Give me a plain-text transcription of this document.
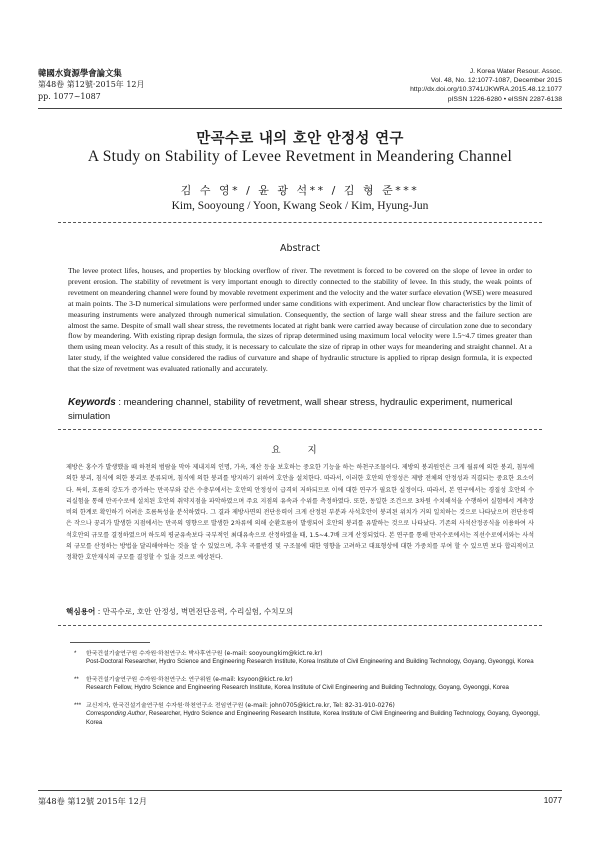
韓國水資源學會論文集
第48卷 第12號·2015年 12月
pp. 1077~1087
J. Korea Water Resour. Assoc.
Vol. 48, No. 12:1077-1087, December 2015
http://dx.doi.org/10.3741/JKWRA.2015.48.12.1077
pISSN 1226-6280 • eISSN 2287-6138
만곡수로 내의 호안 안정성 연구
A Study on Stability of Levee Revetment in Meandering Channel
김 수 영* / 윤 광 석** / 김 형 준***
Kim, Sooyoung / Yoon, Kwang Seok / Kim, Hyung-Jun
Abstract

The levee protect lifes, houses, and properties by blocking overflow of river. The revetment is forced to be covered on the slope of levee in order to prevent erosion. The stability of revetment is very important enough to directly connected to the stability of levee. In this study, the weak points of revetment on meandering channel were found by movable revetment experiment and the velocity and the water surface elevation (WSE) were measured at main points. The 3-D numerical simulations were performed under same conditions with experiment. And unclear flow characteristics by the limit of measuring instruments were analyzed through numerical simulation. Consequently, the section of large wall shear stress and the failure section are almost the same. Despite of small wall shear stress, the revetments located at right bank were carried away because of circulation zone due to secondary flow by meandering. With existing riprap design formula, the sizes of riprap determined using maximum local velocity were 1.5~4.7 times greater than them using mean velocity. As a result of this study, it is necessary to calculate the size of riprap in other ways for meandering and straight channel. At a later study, if the weighted value considered the radius of curvature and shape of hydraulic structure is applied to riprap design formula, it is expected that the size of revetment was evaluated rationally and accurately.

Keywords : meandering channel, stability of revetment, wall shear stress, hydraulic experiment, numerical simulation

요 지

제방은 홍수가 발생했을 때 하천의 범람을 막아 제내지의 인명, 가옥, 재산 등을 보호하는 중요한 기능을 하는 하천구조물이다. 제방의 붕괴원인은 크게 월류에 의한 붕괴, 침투에 의한 붕괴, 침식에 의한 붕괴로 분류되며, 침식에 의한 붕괴를 방지하기 위하여 호안을 설치한다. 따라서, 이러한 호안의 안정성은 제방 전체의 안정성과 직결되는 중요한 요소이다. 특히, 흐름의 강도가 증가하는 만곡부와 같은 수충부에서는 호안의 안정성이 급격히 저하되므로 이에 대한 연구가 필요한 실정이다. 따라서, 본 연구에서는 경질성 호안의 수리실험을 통해 만곡수로에 설치된 호안의 취약지점을 파악하였으며 주요 지점의 유속과 수위를 측정하였다. 또한, 동일한 조건으로 3차원 수치해석을 수행하여 실험에서 계측장비의 한계로 확인하기 어려운 흐름특성을 분석하였다. 그 결과 제방사면의 전단응력이 크게 산정된 부분과 사석호안이 붕괴된 위치가 거의 일치하는 것으로 나타났으며 전단응력은 작으나 꿍괴가 발생한 지점에서는 만곡의 영향으로 발생한 2차류에 의해 순환흐름이 발생되어 호안의 붕괴를 유발하는 것으로 나타났다. 기존의 사석산정공식을 이용하여 사석호안의 규모를 결정하였으며 하도의 평균유속보다 국부적인 최대유속으로 산정하였을 때, 1.5~4.7배 크게 산정되었다. 본 연구를 통해 만곡수로에서는 직선수로에서와는 사석의 규모를 산정하는 방법을 달리해야하는 것을 알 수 있었으며, 추후 곡률반경 및 구조물에 대한 영향을 고려하고 대표형상에 대한 가중치를 부여 할 수 있으면 보다 합리적이고 정확한 호안재식의 규모를 결정할 수 있을 것으로 예상된다.

핵심용어 : 만곡수로, 호안 안정성, 벽면전단응력, 수리실험, 수치모의
*	한국건설기술연구원 수자원·하천연구소 박사후연구원 (e-mail: sooyoungkim@kict.re.kr)
Post-Doctoral Researcher, Hydro Science and Engineering Research Institute, Korea Institute of Civil Engineering and Building Technology, Goyang, Gyeonggi, Korea
**	한국건설기술연구원 수자원·하천연구소 연구위원 (e-mail: ksyoon@kict.re.kr)
Research Fellow, Hydro Science and Engineering Research Institute, Korea Institute of Civil Engineering and Building Technology, Goyang, Gyeonggi, Korea
第48卷 第12號 2015年 12月	1077
*** 교신저자, 한국건설기술연구원 수자원·하천연구소 전임연구원 (e-mail: john0705@kict.re.kr, Tel: 82-31-910-0276)
Corresponding Author, Researcher, Hydro Science and Engineering Research Institute, Korea Institute of Civil Engineering and Building Technology, Goyang, Gyeonggi, Korea
